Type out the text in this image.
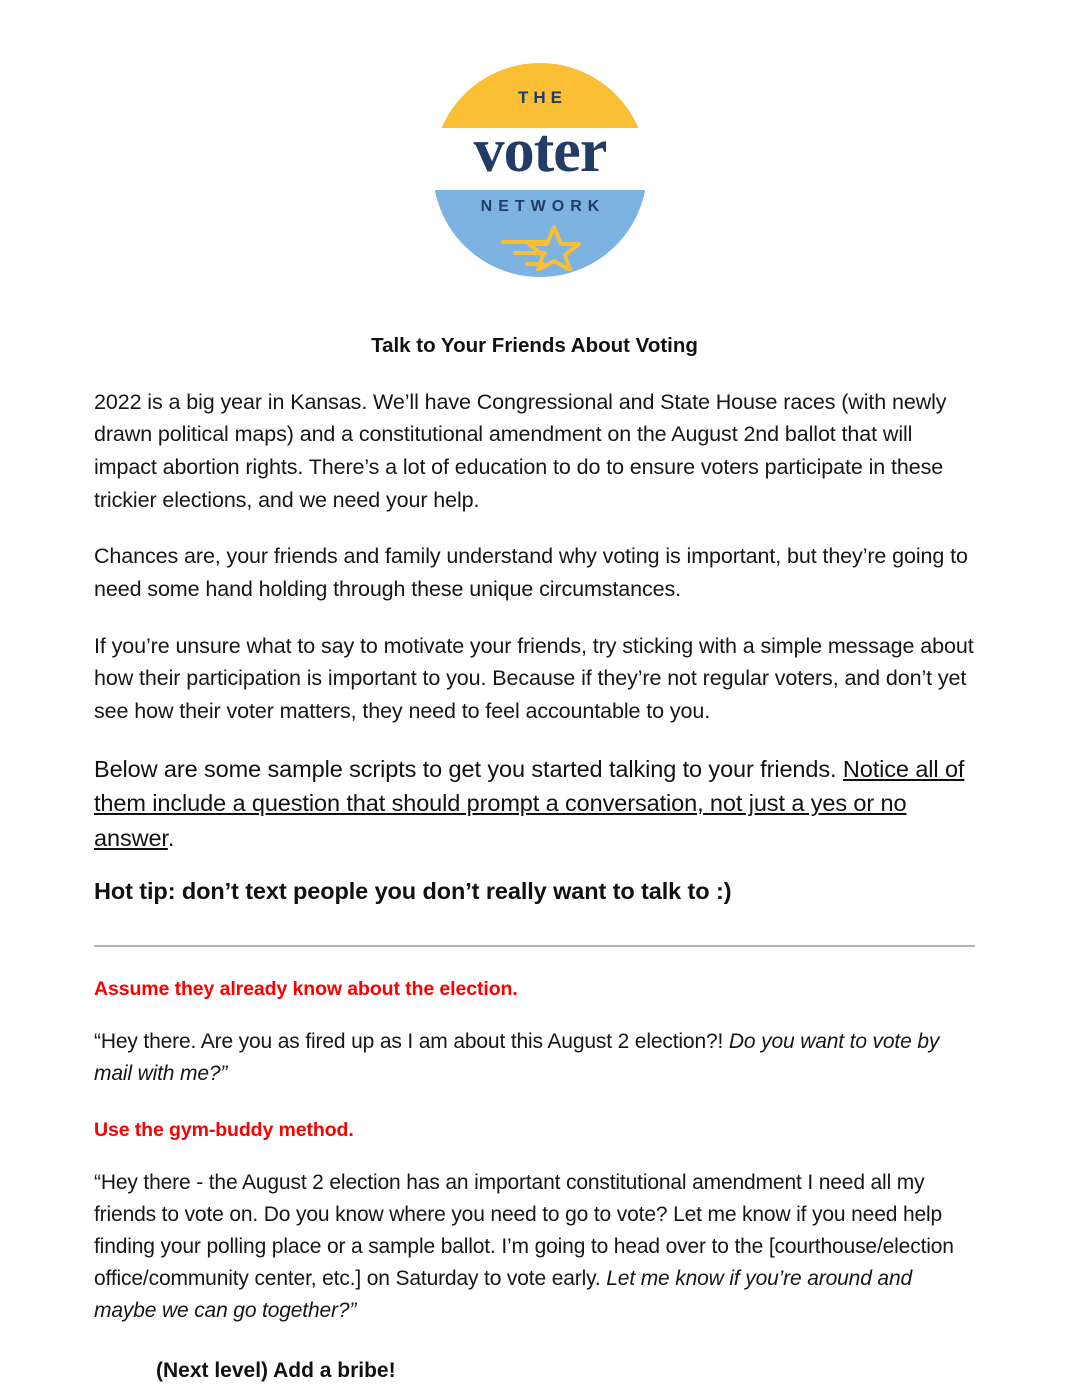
THE
voter
NETWORK
Talk to Your Friends About Voting

2022 is a big year in Kansas. We’ll have Congressional and State House races (with newly drawn political maps) and a constitutional amendment on the August 2nd ballot that will impact abortion rights. There’s a lot of education to do to ensure voters participate in these trickier elections, and we need your help.

Chances are, your friends and family understand why voting is important, but they’re going to need some hand holding through these unique circumstances.

If you’re unsure what to say to motivate your friends, try sticking with a simple message about how their participation is important to you. Because if they’re not regular voters, and don’t yet see how their voter matters, they need to feel accountable to you.

Below are some sample scripts to get you started talking to your friends. Notice all of them include a question that should prompt a conversation, not just a yes or no answer.

Hot tip: don’t text people you don’t really want to talk to :)

Assume they already know about the election.

“Hey there. Are you as fired up as I am about this August 2 election?! Do you want to vote by mail with me?”

Use the gym-buddy method.

“Hey there - the August 2 election has an important constitutional amendment I need all my friends to vote on. Do you know where you need to go to vote? Let me know if you need help finding your polling place or a sample ballot. I’m going to head over to the [courthouse/election office/community center, etc.] on Saturday to vote early. Let me know if you’re around and maybe we can go together?”

(Next level) Add a bribe!
